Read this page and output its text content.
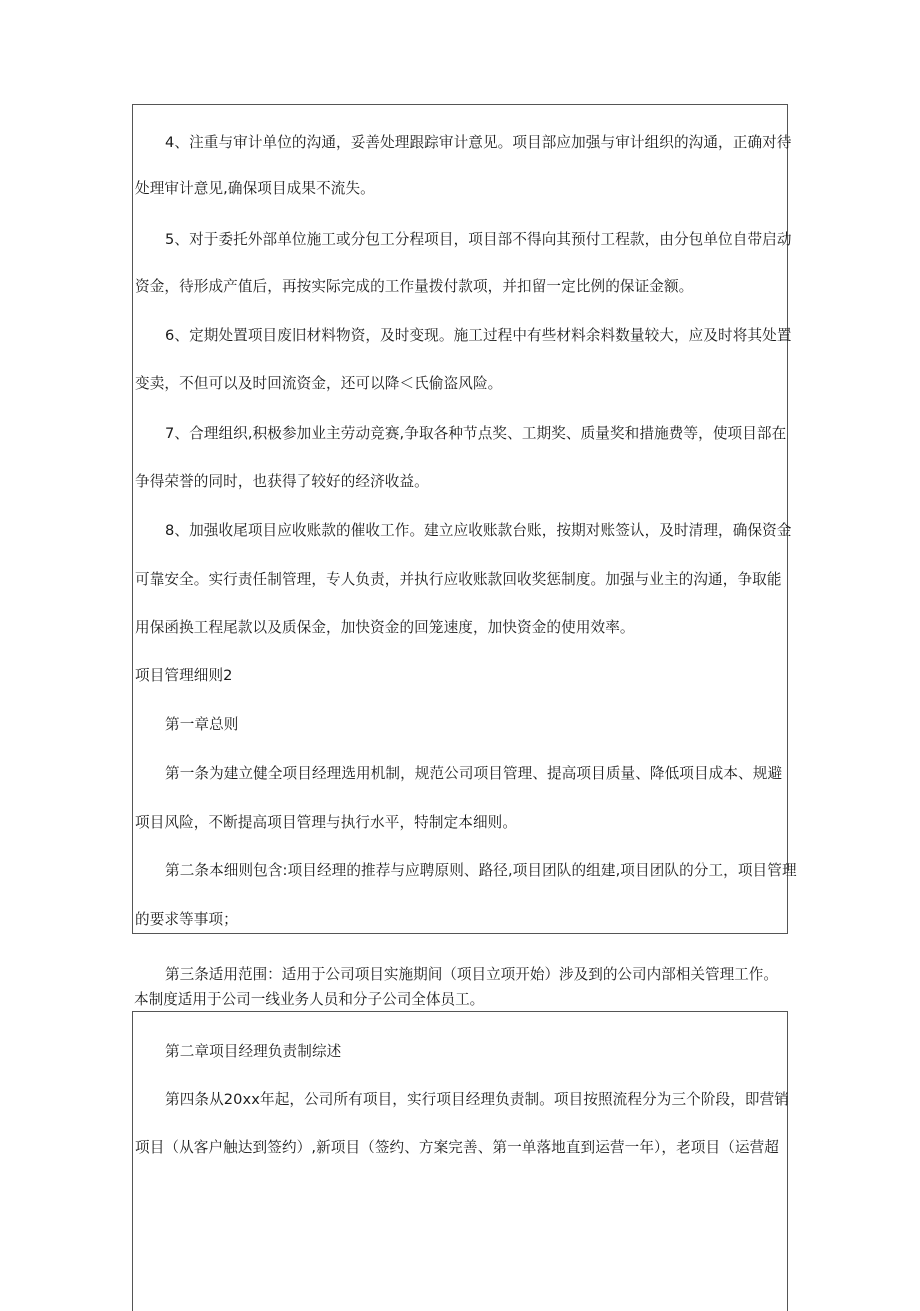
4、注重与审计单位的沟通，妥善处理跟踪审计意见。项目部应加强与审计组织的沟通，正确对待
处理审计意见,确保项目成果不流失。
5、对于委托外部单位施工或分包工分程项目，项目部不得向其预付工程款，由分包单位自带启动
资金，待形成产值后，再按实际完成的工作量拨付款项，并扣留一定比例的保证金额。
6、定期处置项目废旧材料物资，及时变现。施工过程中有些材料余料数量较大，应及时将其处置
变卖，不但可以及时回流资金，还可以降＜氏偷盗风险。
7、合理组织,积极参加业主劳动竞赛,争取各种节点奖、工期奖、质量奖和措施费等，使项目部在
争得荣誉的同时，也获得了较好的经济收益。
8、加强收尾项目应收账款的催收工作。建立应收账款台账，按期对账签认，及时清理，确保资金
可靠安全。实行责任制管理，专人负责，并执行应收账款回收奖惩制度。加强与业主的沟通，争取能
用保函换工程尾款以及质保金，加快资金的回笼速度，加快资金的使用效率。
项目管理细则2
第一章总则
第一条为建立健全项目经理选用机制，规范公司项目管理、提高项目质量、降低项目成本、规避
项目风险，不断提高项目管理与执行水平，特制定本细则。
第二条本细则包含:项目经理的推荐与应聘原则、路径,项目团队的组建,项目团队的分工，项目管理
的要求等事项；
第三条适用范围：适用于公司项目实施期间（项目立项开始）涉及到的公司内部相关管理工作。
本制度适用于公司一线业务人员和分子公司全体员工。
第二章项目经理负责制综述
第四条从20xx年起，公司所有项目，实行项目经理负责制。项目按照流程分为三个阶段，即营销
项目（从客户触达到签约）,新项目（签约、方案完善、第一单落地直到运营一年），老项目（运营超
